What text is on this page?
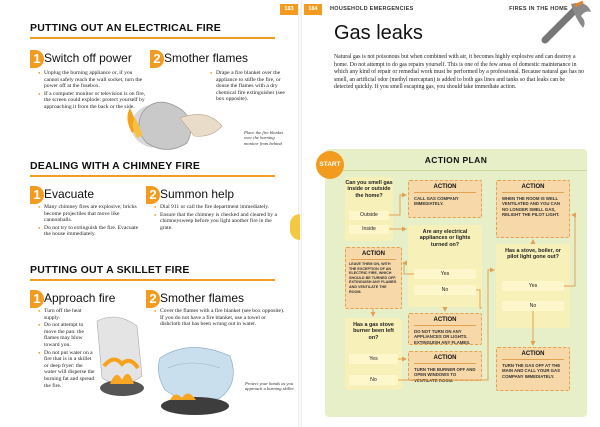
FIRES IN THE HOME
183	184	HOUSEHOLD EMERGENCIES
PUTTING OUT AN ELECTRICAL FIRE
1 Switch off power
● Unplug the burning appliance or, if you cannot safely reach the wall socket, turn the power off at the fusebox.
● If a computer monitor or television is on fire, the screen could explode: protect yourself by approaching it from the back or the side.
2 Smother flames
● Drape a fire blanket over the appliance to stifle the fire, or douse the flames with a dry chemical fire extinguisher (see box opposite).
Place the fire blanket over the burning monitor from behind
DEALING WITH A CHIMNEY FIRE
1 Evacuate
● Many chimney fires are explosive; bricks become projectiles that move like cannonballs.
● Do not try to extinguish the fire. Evacuate the house immediately.
2 Summon help
● Dial 911 or call the fire department immediately.
● Ensure that the chimney is checked and cleared by a chimneysweep before you light another fire in the grate.
PUTTING OUT A SKILLET FIRE
1 Approach fire
● Turn off the heat supply.
● Do not attempt to move the pan: the flames may blow toward you.
● Do not put water on a fire that is in a skillet or deep fryer: the water will disperse the burning fat and spread the fire.
2 Smother flames
● Cover the flames with a fire blanket (see box opposite). If you do not have a fire blanket, use a towel or dishcloth that has been wrung out in water.
Protect your hands as you approach a burning skillet
Gas leaks
Natural gas is not poisonous but when combined with air, it becomes highly explosive and can destroy a home. Do not attempt to do gas repairs yourself. This is one of the few areas of domestic maintenance in which any kind of repair or remedial work must be performed by a professional. Because natural gas has no smell, an artificial odor (methyl mercaptan) is added to both gas lines and tanks so that leaks can be detected quickly. If you smell escaping gas, you should take immediate action.
ACTION PLAN
START
Can you smell gas inside or outside the home?
Outside
Inside
ACTION
CALL GAS COMPANY IMMEDIATELY.
Are any electrical appliances or lights turned on?
Yes
No
ACTION
WHEN THE ROOM IS WELL VENTILATED AND YOU CAN NO LONGER SMELL GAS, RELIGHT THE PILOT LIGHT.
Has a stove, boiler, or pilot light gone out?
Yes
No
ACTION
LEAVE THEM ON, WITH THE EXCEPTION OF AN ELECTRIC FIRE, WHICH SHOULD BE TURNED OFF. EXTINGUISH ANY FLAMES AND VENTILATE THE ROOM.
ACTION
DO NOT TURN ON ANY APPLIANCES OR LIGHTS. EXTINGUISH ANY FLAMES.
Has a gas stove burner been left on?
Yes
No
ACTION
TURN THE BURNER OFF AND OPEN WINDOWS TO VENTILATE ROOM.
ACTION
TURN THE GAS OFF AT THE MAIN AND CALL YOUR GAS COMPANY IMMEDIATELY.
